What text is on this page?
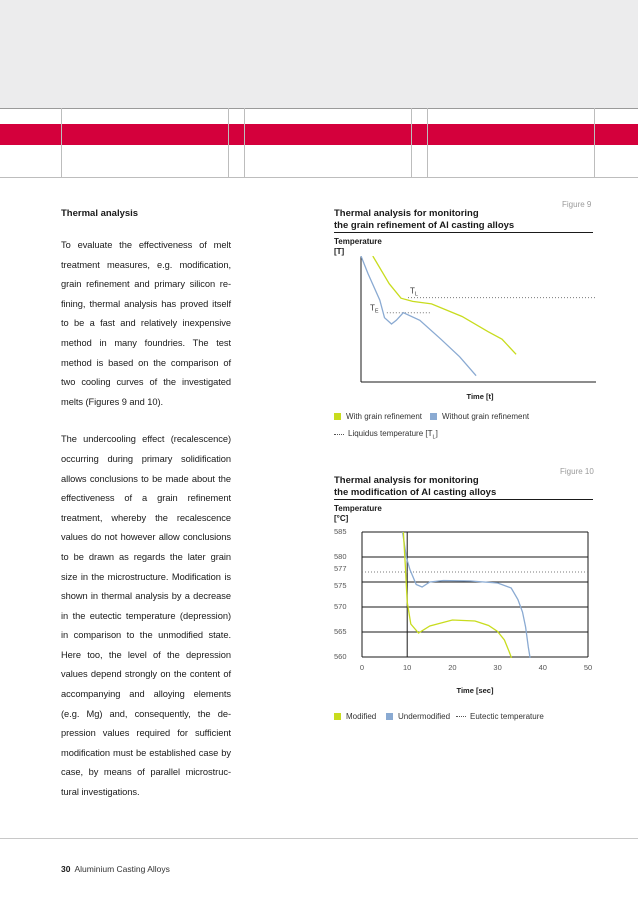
Thermal analysis

To evaluate the effectiveness of melt treatment measures, e.g. modification, grain refinement and primary silicon re-fining, thermal analysis has proved itself to be a fast and relatively inexpensive method in many foundries. The test method is based on the comparison of two cooling curves of the investigated melts (Figures 9 and 10).

The undercooling effect (recalescence) occurring during primary solidification allows conclusions to be made about the effectiveness of a grain refinement treatment, whereby the recalescence values do not however allow conclusions to be drawn as regards the later grain size in the microstructure. Modification is shown in thermal analysis by a decrease in the eutectic temperature (depression) in comparison to the unmodified state. Here too, the level of the depression values depend strongly on the content of accompanying and alloying elements (e.g. Mg) and, consequently, the de-pression values required for sufficient modification must be established case by case, by means of parallel microstruc-tural investigations.

Figure 9
Thermal analysis for monitoring
the grain refinement of Al casting alloys
Temperature
[T]
$T_L$
$T_E$
Time [t]
With grain refinement Without grain refinement
Liquidus temperature $[T_L]$
Figure 10
Thermal analysis for monitoring
the modification of Al casting alloys
Temperature
[°C]
560
565
570
575
577
580
585
0	10	20	30	40	50
Time [sec]
Modified	Undermodified Eutectic temperature
30 Aluminium Casting Alloys
